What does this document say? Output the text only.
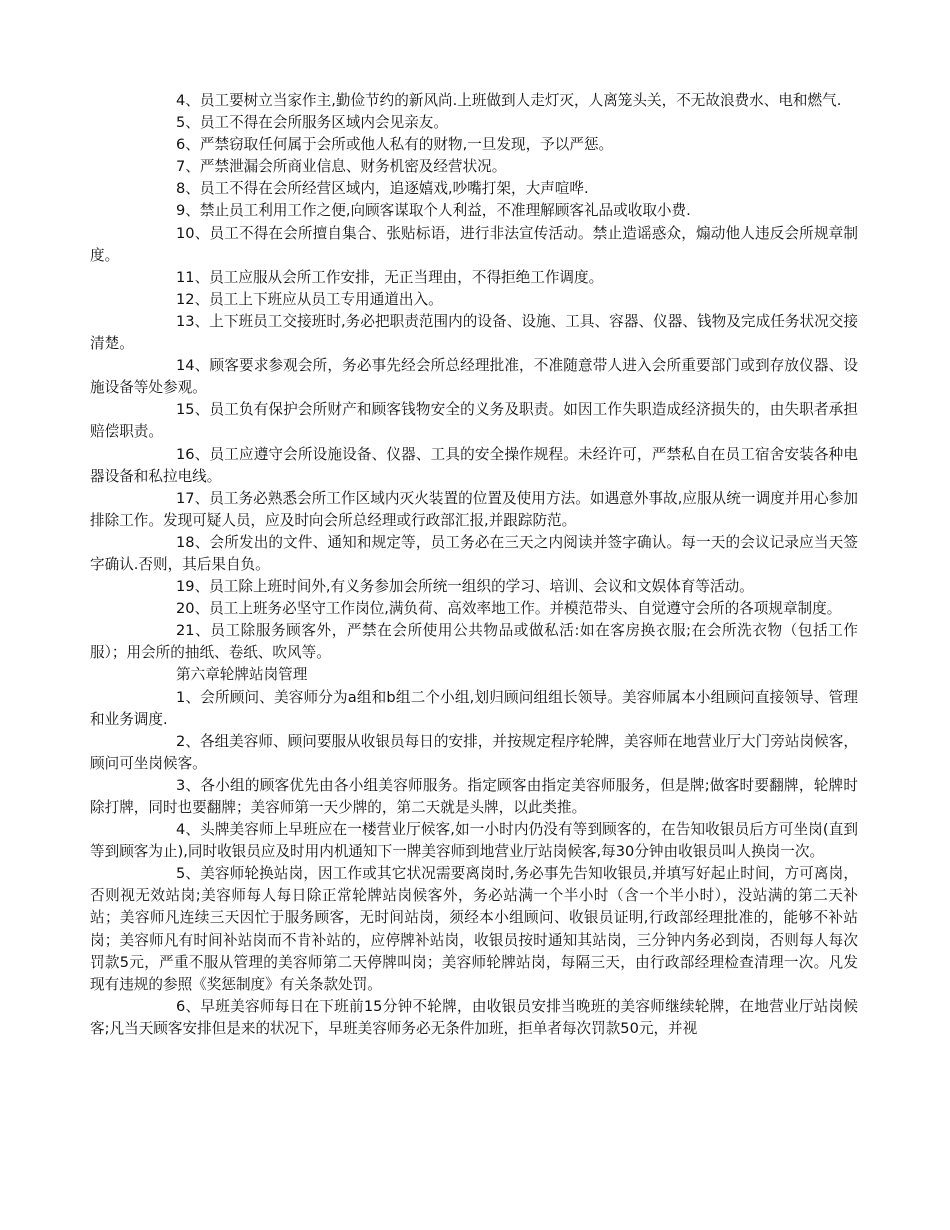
4、员工要树立当家作主,勤俭节约的新风尚.上班做到人走灯灭，人离笼头关，不无故浪费水、电和燃气.

5、员工不得在会所服务区域内会见亲友。

6、严禁窃取任何属于会所或他人私有的财物,一旦发现，予以严惩。

7、严禁泄漏会所商业信息、财务机密及经营状况。

8、员工不得在会所经营区域内，追逐嬉戏,吵嘴打架，大声喧哗.

9、禁止员工利用工作之便,向顾客谋取个人利益，不准理解顾客礼品或收取小费.

10、员工不得在会所擅自集合、张贴标语，进行非法宣传活动。禁止造谣惑众，煽动他人违反会所规章制度。

11、员工应服从会所工作安排，无正当理由，不得拒绝工作调度。

12、员工上下班应从员工专用通道出入。

13、上下班员工交接班时,务必把职责范围内的设备、设施、工具、容器、仪器、钱物及完成任务状况交接清楚。

14、顾客要求参观会所，务必事先经会所总经理批准，不准随意带人进入会所重要部门或到存放仪器、设施设备等处参观。

15、员工负有保护会所财产和顾客钱物安全的义务及职责。如因工作失职造成经济损失的，由失职者承担赔偿职责。

16、员工应遵守会所设施设备、仪器、工具的安全操作规程。未经许可，严禁私自在员工宿舍安装各种电器设备和私拉电线。

17、员工务必熟悉会所工作区域内灭火装置的位置及使用方法。如遇意外事故,应服从统一调度并用心参加排除工作。发现可疑人员，应及时向会所总经理或行政部汇报,并跟踪防范。

18、会所发出的文件、通知和规定等，员工务必在三天之内阅读并签字确认。每一天的会议记录应当天签字确认.否则，其后果自负。

19、员工除上班时间外,有义务参加会所统一组织的学习、培训、会议和文娱体育等活动。

20、员工上班务必坚守工作岗位,满负荷、高效率地工作。并模范带头、自觉遵守会所的各项规章制度。

21、员工除服务顾客外，严禁在会所使用公共物品或做私活:如在客房换衣服;在会所洗衣物（包括工作服）；用会所的抽纸、卷纸、吹风等。

第六章轮牌站岗管理

1、会所顾问、美容师分为a组和b组二个小组,划归顾问组组长领导。美容师属本小组顾问直接领导、管理和业务调度.

2、各组美容师、顾问要服从收银员每日的安排，并按规定程序轮牌，美容师在地营业厅大门旁站岗候客，顾问可坐岗候客。

3、各小组的顾客优先由各小组美容师服务。指定顾客由指定美容师服务，但是牌;做客时要翻牌，轮牌时除打牌，同时也要翻牌；美容师第一天少牌的，第二天就是头牌，以此类推。

4、头牌美容师上早班应在一楼营业厅候客,如一小时内仍没有等到顾客的，在告知收银员后方可坐岗(直到等到顾客为止),同时收银员应及时用内机通知下一牌美容师到地营业厅站岗候客,每30分钟由收银员叫人换岗一次。

5、美容师轮换站岗，因工作或其它状况需要离岗时,务必事先告知收银员,并填写好起止时间，方可离岗，否则视无效站岗;美容师每人每日除正常轮牌站岗候客外，务必站满一个半小时（含一个半小时），没站满的第二天补站；美容师凡连续三天因忙于服务顾客，无时间站岗，须经本小组顾问、收银员证明,行政部经理批准的，能够不补站岗；美容师凡有时间补站岗而不肯补站的，应停牌补站岗，收银员按时通知其站岗，三分钟内务必到岗，否则每人每次罚款5元，严重不服从管理的美容师第二天停牌叫岗；美容师轮牌站岗，每隔三天，由行政部经理检查清理一次。凡发现有违规的参照《奖惩制度》有关条款处罚。

6、早班美容师每日在下班前15分钟不轮牌，由收银员安排当晚班的美容师继续轮牌，在地营业厅站岗候客;凡当天顾客安排但是来的状况下，早班美容师务必无条件加班，拒单者每次罚款50元，并视
